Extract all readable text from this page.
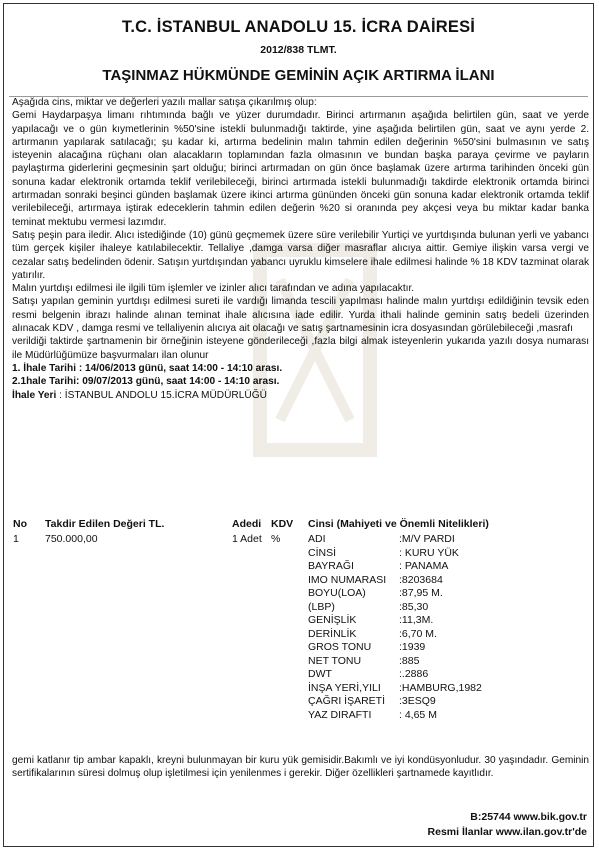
T.C. İSTANBUL ANADOLU 15. İCRA DAİRESİ
2012/838 TLMT.
TAŞINMAZ HÜKMÜNDE GEMİNİN AÇIK ARTIRMA İLANI

Aşağıda cins, miktar ve değerleri yazılı mallar satışa çıkarılmış olup:

Gemi Haydarpaşya limanı rıhtımında bağlı ve yüzer durumdadır. Birinci artırmanın aşağıda belirtilen gün, saat ve yerde yapılacağı ve o gün kıymetlerinin %50'sine istekli bulunmadığı taktirde, yine aşağıda belirtilen gün, saat ve aynı yerde 2. artırmanın yapılarak satılacağı; şu kadar ki, artırma bedelinin malın tahmin edilen değerinin %50'sini bulmasının ve satış isteyenin alacağına rüçhanı olan alacakların toplamından fazla olmasının ve bundan başka paraya çevirme ve payların paylaştırma giderlerini geçmesinin şart olduğu; birinci artırmadan on gün önce başlamak üzere artırma tarihinden önceki gün sonuna kadar elektronik ortamda teklif verilebileceği, birinci artırmada istekli bulunmadığı takdirde elektronik ortamda birinci artırmadan sonraki beşinci günden başlamak üzere ikinci artırma gününden önceki gün sonuna kadar elektronik ortamda teklif verilebileceği, artırmaya iştirak edeceklerin tahmin edilen değerin %20 si oranında pey akçesi veya bu miktar kadar banka teminat mektubu vermesi lazımdır.

Satış peşin para iledir. Alıcı istediğinde (10) günü geçmemek üzere süre verilebilir Yurtiçi ve yurtdışında bulunan yerli ve yabancı tüm gerçek kişiler ihaleye katılabilecektir. Tellaliye ,damga varsa diğer masraflar alıcıya aittir. Gemiye ilişkin varsa vergi ve cezalar satış bedelinden ödenir. Satışın yurtdışından yabancı uyruklu kimselere ihale edilmesi halinde % 18 KDV tazminat olarak yatırılır.

Malın yurtdışı edilmesi ile ilgili tüm işlemler ve izinler alıcı tarafından ve adına yapılacaktır.

Satışı yapılan geminin yurtdışı edilmesi sureti ile vardığı limanda tescili yapılması halinde malın yurtdışı edildiğinin tevsik eden resmi belgenin ibrazı halinde alınan teminat ihale alıcısına iade edilir. Yurda ithali halinde geminin satış bedeli üzerinden alınacak KDV , damga resmi ve tellaliyenin alıcıya ait olacağı ve satış şartnamesinin icra dosyasından görülebileceği ,masrafı

verildiği taktirde şartnamenin bir örneğinin isteyene gönderileceği ,fazla bilgi almak isteyenlerin yukarıda yazılı dosya numarası ile Müdürlüğümüze başvurmaları ilan olunur

1. İhale Tarihi : 14/06/2013 günü, saat 14:00 - 14:10 arası.

2.1hale Tarihi: 09/07/2013 günü, saat 14:00 - 14:10 arası.

İhale Yeri : İSTANBUL ANDOLU 15.İCRA MÜDÜRLÜĞÜ

No Takdir Edilen Değeri TL.	Adedi KDV Cinsi (Mahiyeti ve Önemli Nitelikleri)
1 750.000,00	1 Adet %	ADI	:M/V PARDI
CİNSİ	: KURU YÜK
BAYRAĞI	: PANAMA
IMO NUMARASI :8203684
BOYU(LOA)	:87,95 M.
(LBP)	:85,30
GENİŞLİK	:11,3M.
DERİNLİK	:6,70 M.
GROS TONU	:1939
NET TONU	:885
DWT	:.2886
İNŞA YERİ,YILI :HAMBURG,1982
ÇAĞRI İŞARETİ :3ESQ9
YAZ DIRAFTI	: 4,65 M
gemi katlanır tip ambar kapaklı, kreyni bulunmayan bir kuru yük gemisidir.Bakımlı ve iyi kondüsyonludur. 30 yaşındadır. Geminin sertifikalarının süresi dolmuş olup işletilmesi için yenilenmes i gerekir. Diğer özellikleri şartnamede kayıtlıdır.
B:25744 www.bik.gov.tr
Resmi İlanlar www.ilan.gov.tr'de
